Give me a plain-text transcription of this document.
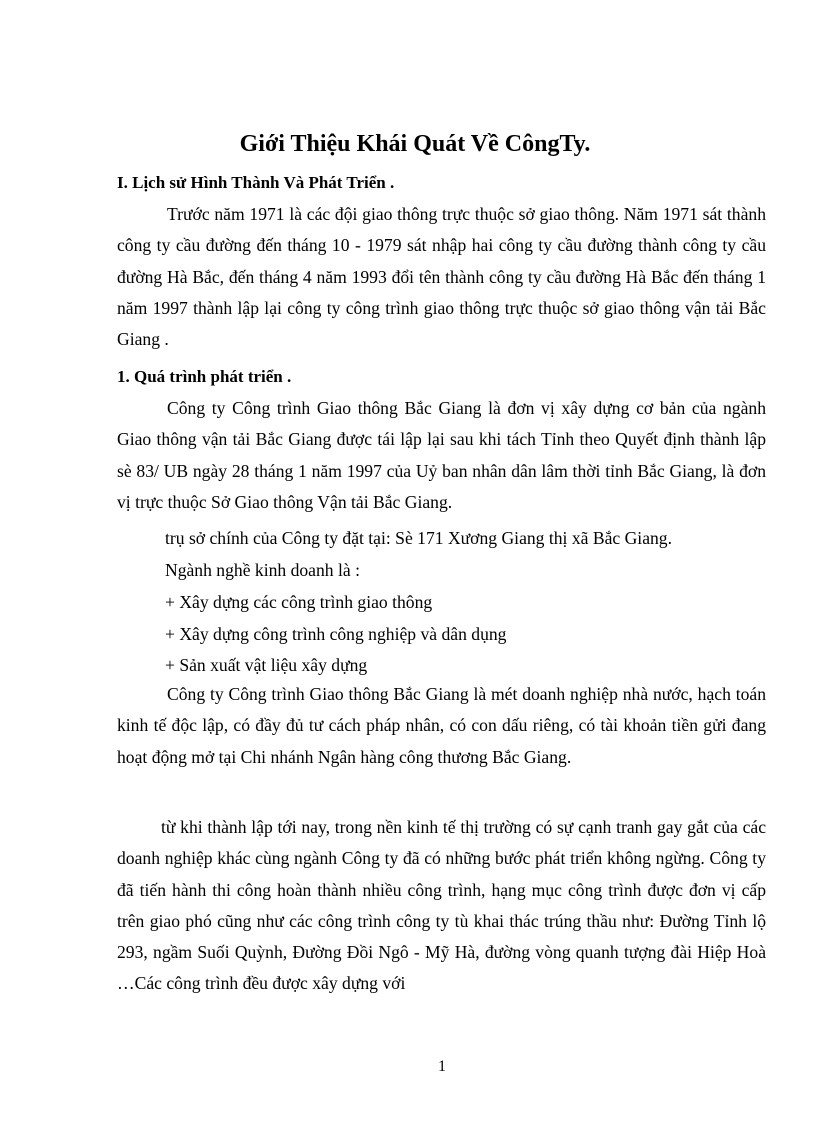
Giới Thiệu Khái Quát Về CôngTy.
I. Lịch sử Hình Thành Và Phát Triển .

Trước năm 1971 là các đội giao thông trực thuộc sở giao thông. Năm 1971 sát thành công ty cầu đường đến tháng 10 - 1979 sát nhập hai công ty cầu đường thành công ty cầu đường Hà Bắc, đến tháng 4 năm 1993 đổi tên thành công ty cầu đường Hà Bắc đến tháng 1 năm 1997 thành lập lại công ty công trình giao thông trực thuộc sở giao thông vận tải Bắc Giang .

1. Quá trình phát triển .

Công ty Công trình Giao thông Bắc Giang là đơn vị xây dựng cơ bản của ngành Giao thông vận tải Bắc Giang được tái lập lại sau khi tách Tỉnh theo Quyết định thành lập sè 83/ UB ngày 28 tháng 1 năm 1997 của Uỷ ban nhân dân lâm thời tỉnh Bắc Giang, là đơn vị trực thuộc Sở Giao thông Vận tải Bắc Giang.

trụ sở chính của Công ty đặt tại: Sè 171 Xương Giang thị xã Bắc Giang.

Ngành nghề kinh doanh là :

+ Xây dựng các công trình giao thông

+ Xây dựng công trình công nghiệp và dân dụng

+ Sản xuất vật liệu xây dựng

Công ty Công trình Giao thông Bắc Giang là mét doanh nghiệp nhà nước, hạch toán kinh tế độc lập, có đầy đủ tư cách pháp nhân, có con dấu riêng, có tài khoản tiền gửi đang hoạt động mở tại Chi nhánh Ngân hàng công thương Bắc Giang.

từ khi thành lập tới nay, trong nền kinh tế thị trường có sự cạnh tranh gay gắt của các doanh nghiệp khác cùng ngành Công ty đã có những bước phát triển không ngừng. Công ty đã tiến hành thi công hoàn thành nhiều công trình, hạng mục công trình được đơn vị cấp trên giao phó cũng như các công trình công ty tù khai thác trúng thầu như: Đường Tỉnh lộ 293, ngầm Suối Quỳnh, Đường Đồi Ngô - Mỹ Hà, đường vòng quanh tượng đài Hiệp Hoà …Các công trình đều được xây dựng với

1
